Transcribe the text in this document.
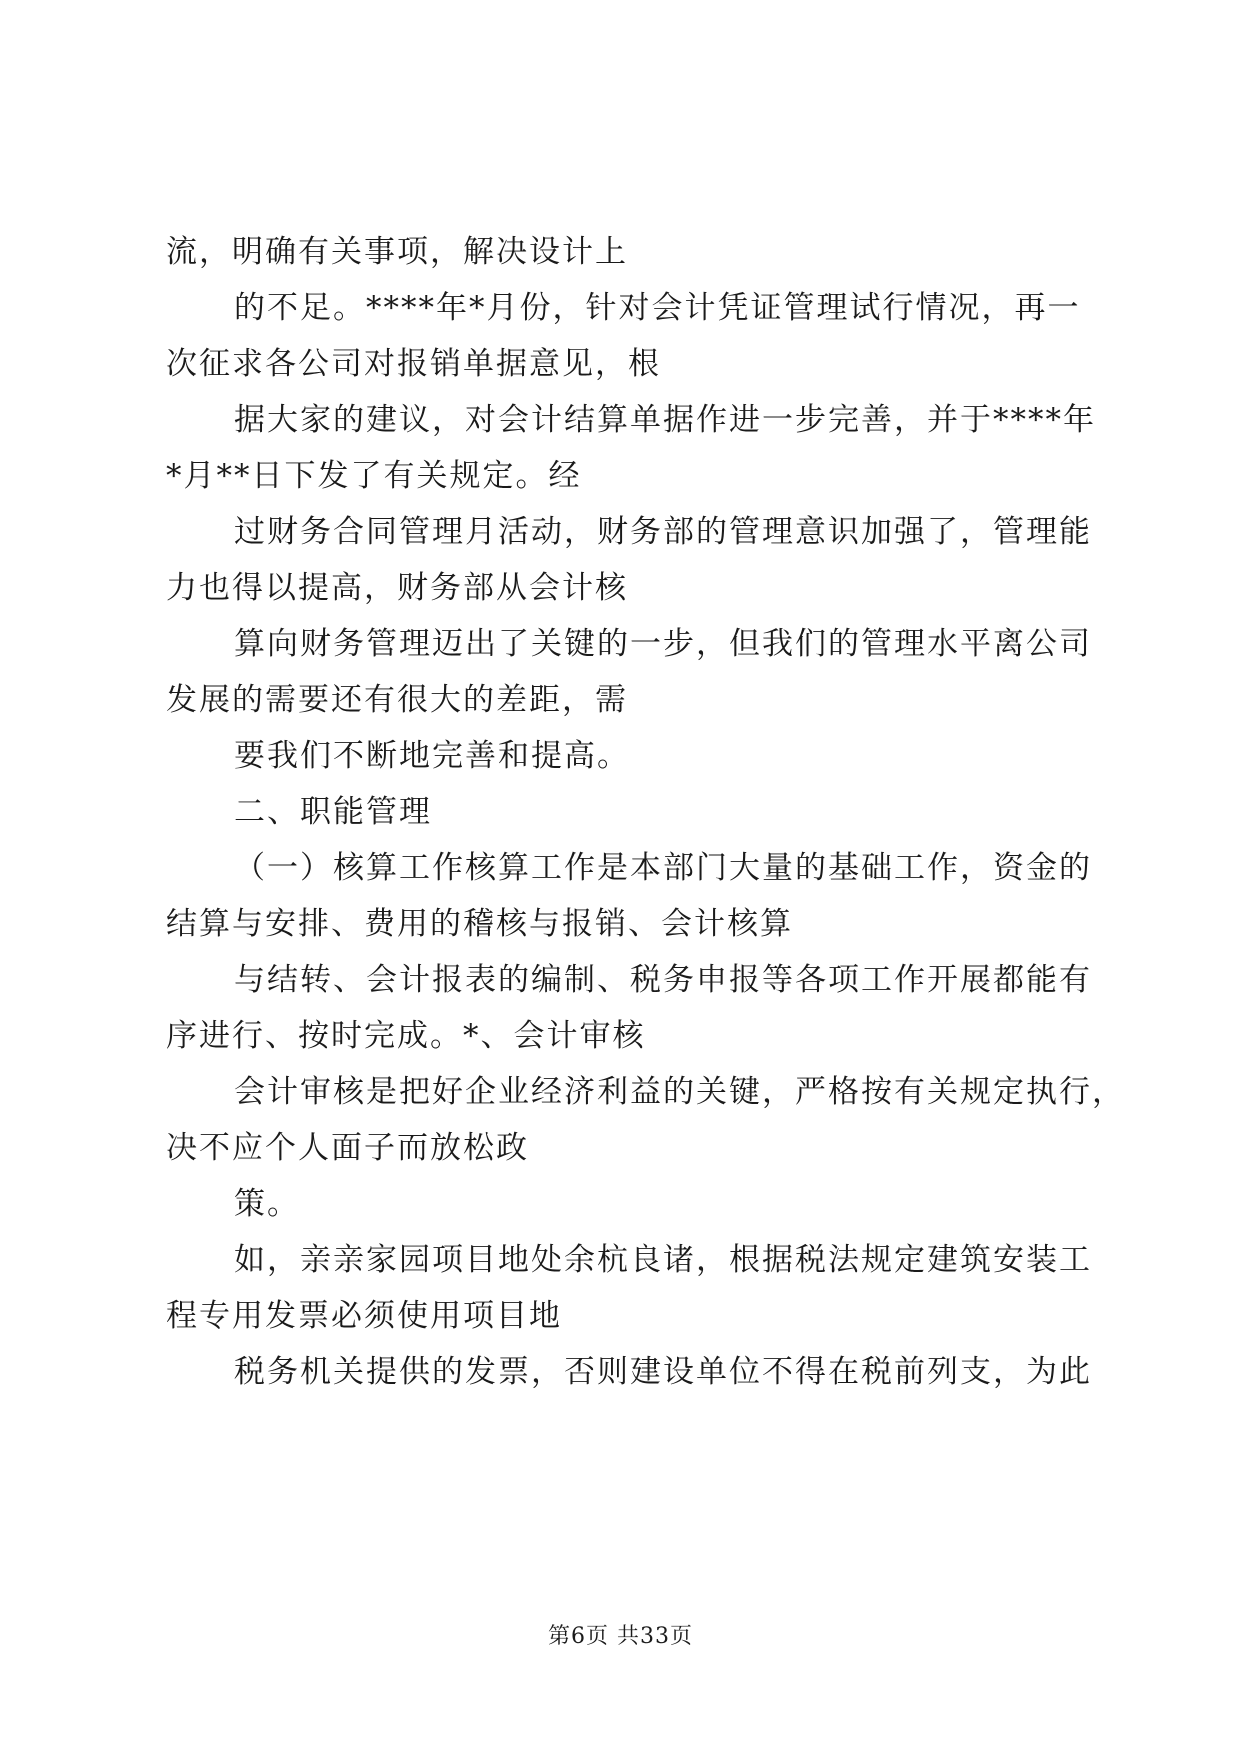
流，明确有关事项，解决设计上
的不足。****年*月份，针对会计凭证管理试行情况，再一
次征求各公司对报销单据意见，根
据大家的建议，对会计结算单据作进一步完善，并于****年
*月**日下发了有关规定。经
过财务合同管理月活动，财务部的管理意识加强了，管理能
力也得以提高，财务部从会计核
算向财务管理迈出了关键的一步，但我们的管理水平离公司
发展的需要还有很大的差距，需
要我们不断地完善和提高。
二、职能管理
（一）核算工作核算工作是本部门大量的基础工作，资金的
结算与安排、费用的稽核与报销、会计核算
与结转、会计报表的编制、税务申报等各项工作开展都能有
序进行、按时完成。*、会计审核
会计审核是把好企业经济利益的关键，严格按有关规定执行，
决不应个人面子而放松政
策。
如，亲亲家园项目地处余杭良诸，根据税法规定建筑安装工
程专用发票必须使用项目地
税务机关提供的发票，否则建设单位不得在税前列支，为此
第6页 共33页
